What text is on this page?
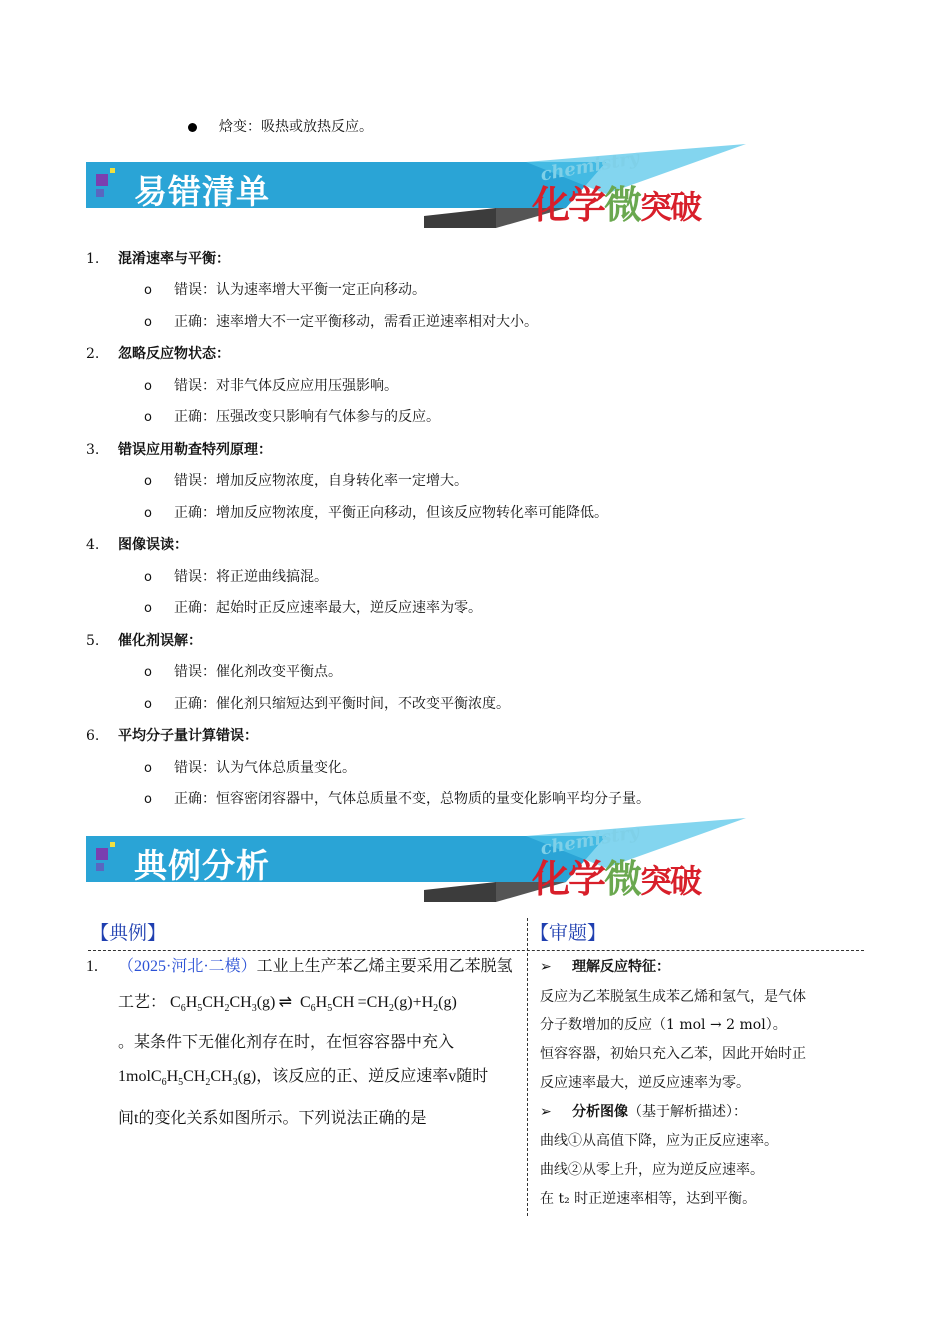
焓变：吸热或放热反应。
易错清单
chemistry
化学微突破
1. 混淆速率与平衡：
o 错误：认为速率增大平衡一定正向移动。
o 正确：速率增大不一定平衡移动，需看正逆速率相对大小。
2. 忽略反应物状态：
o 错误：对非气体反应应用压强影响。
o 正确：压强改变只影响有气体参与的反应。
3. 错误应用勒查特列原理：
o 错误：增加反应物浓度，自身转化率一定增大。
o 正确：增加反应物浓度，平衡正向移动，但该反应物转化率可能降低。
4. 图像误读：
o 错误：将正逆曲线搞混。
o 正确：起始时正反应速率最大，逆反应速率为零。
5. 催化剂误解：
o 错误：催化剂改变平衡点。
o 正确：催化剂只缩短达到平衡时间，不改变平衡浓度。
6. 平均分子量计算错误：
o 错误：认为气体总质量变化。
o 正确：恒容密闭容器中，气体总质量不变，总物质的量变化影响平均分子量。
典例分析
chemistry
化学微突破
【典例】	【审题】
1. （2025·河北·二模）工业上生产苯乙烯主要采用乙苯脱氢
工艺： $C_6H_5CH_2CH_3(g)$ ⇌ $C_6H_5CH =CH_2(g)+H_2(g)$
。某条件下无催化剂存在时，在恒容容器中充入
$1molC_6H_5CH_2CH_3(g)$，该反应的正、逆反应速率v随时
间t的变化关系如图所示。下列说法正确的是
➢ 理解反应特征：
反应为乙苯脱氢生成苯乙烯和氢气，是气体
分子数增加的反应（1 mol → 2 mol）。
恒容容器，初始只充入乙苯，因此开始时正
反应速率最大，逆反应速率为零。
➢ 分析图像（基于解析描述）：
曲线①从高值下降，应为正反应速率。
曲线②从零上升，应为逆反应速率。
在 t₂ 时正逆速率相等，达到平衡。
